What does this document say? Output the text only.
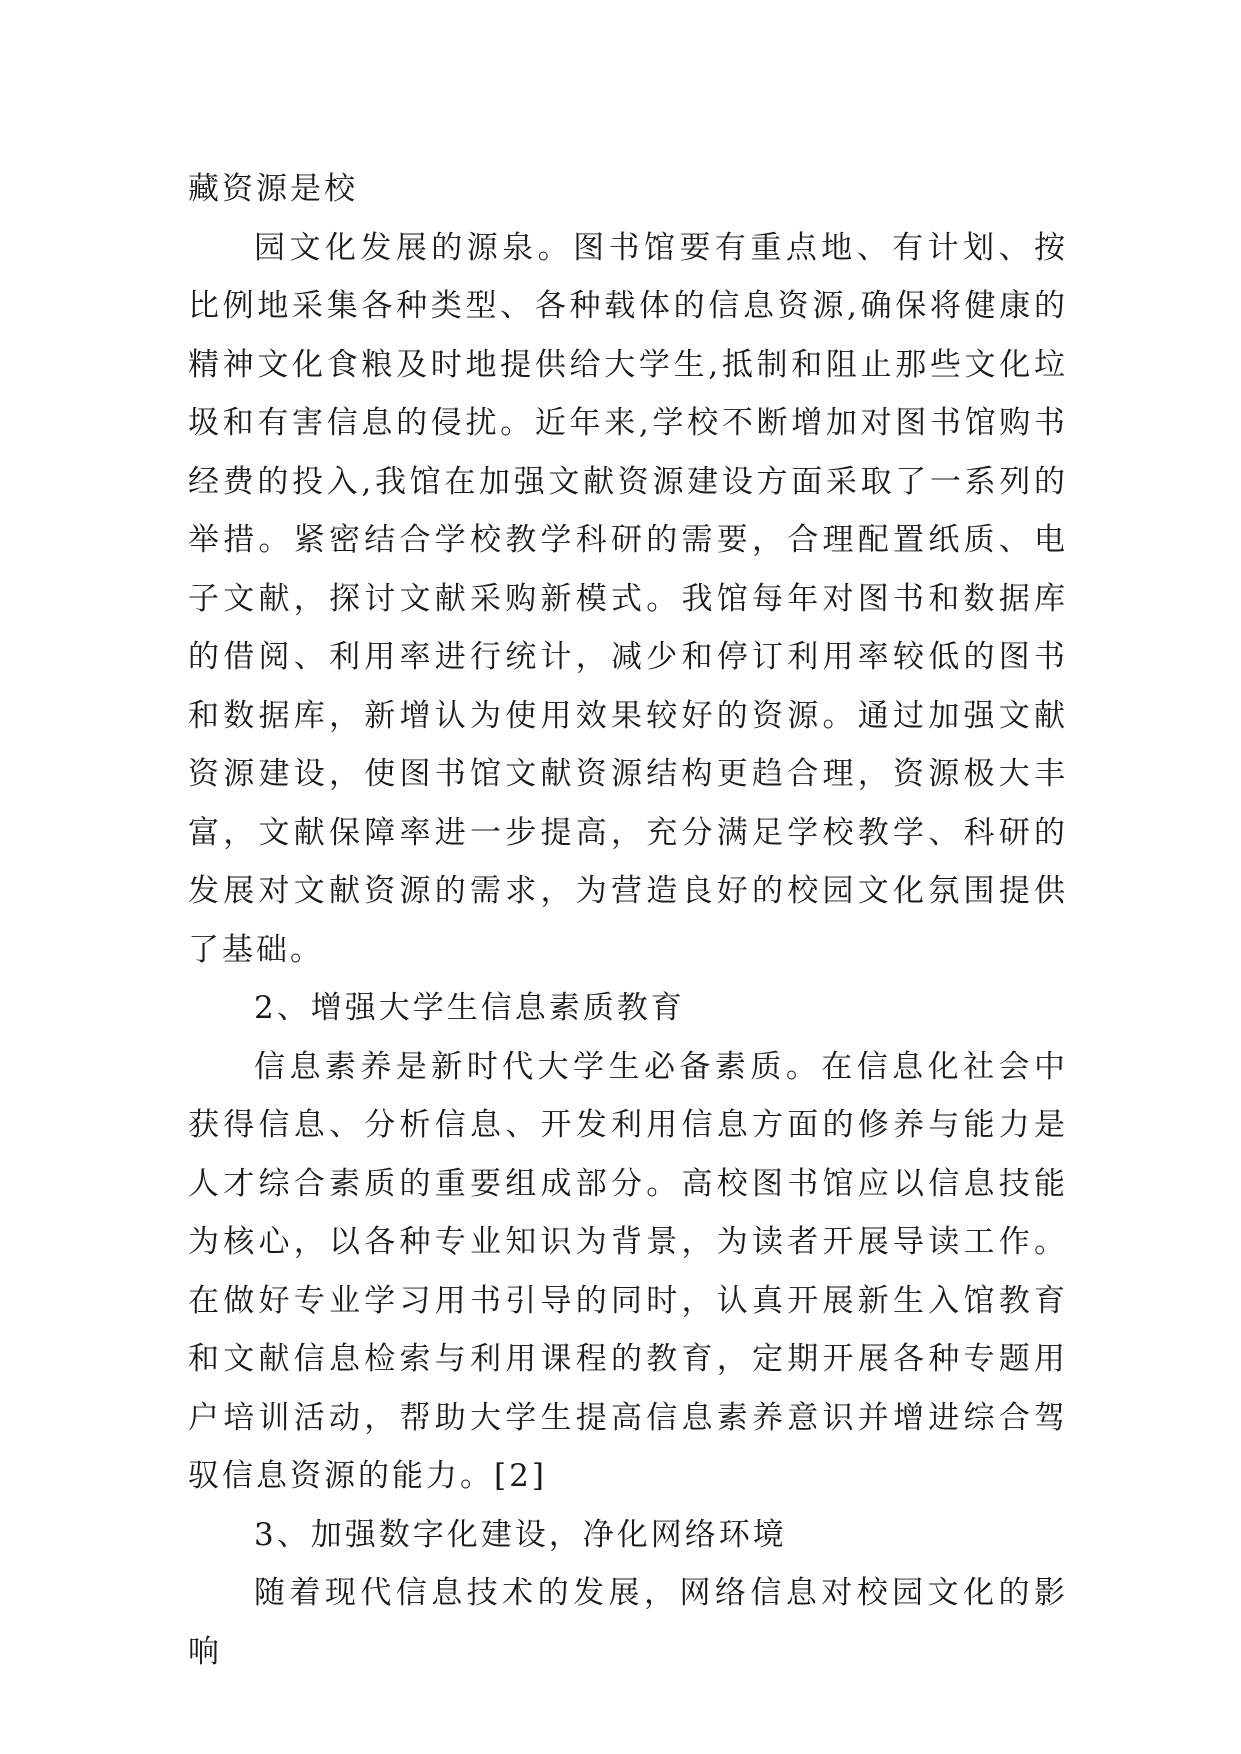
藏资源是校

园文化发展的源泉。图书馆要有重点地、有计划、按比例地采集各种类型、各种载体的信息资源,确保将健康的精神文化食粮及时地提供给大学生,抵制和阻止那些文化垃圾和有害信息的侵扰。近年来,学校不断增加对图书馆购书经费的投入,我馆在加强文献资源建设方面采取了一系列的举措。紧密结合学校教学科研的需要，合理配置纸质、电子文献，探讨文献采购新模式。我馆每年对图书和数据库的借阅、利用率进行统计，减少和停订利用率较低的图书和数据库，新增认为使用效果较好的资源。通过加强文献资源建设，使图书馆文献资源结构更趋合理，资源极大丰富，文献保障率进一步提高，充分满足学校教学、科研的发展对文献资源的需求，为营造良好的校园文化氛围提供了基础。

2、增强大学生信息素质教育

信息素养是新时代大学生必备素质。在信息化社会中获得信息、分析信息、开发利用信息方面的修养与能力是人才综合素质的重要组成部分。高校图书馆应以信息技能为核心，以各种专业知识为背景，为读者开展导读工作。在做好专业学习用书引导的同时，认真开展新生入馆教育和文献信息检索与利用课程的教育，定期开展各种专题用户培训活动，帮助大学生提高信息素养意识并增进综合驾驭信息资源的能力。[2]

3、加强数字化建设，净化网络环境

随着现代信息技术的发展，网络信息对校园文化的影响
